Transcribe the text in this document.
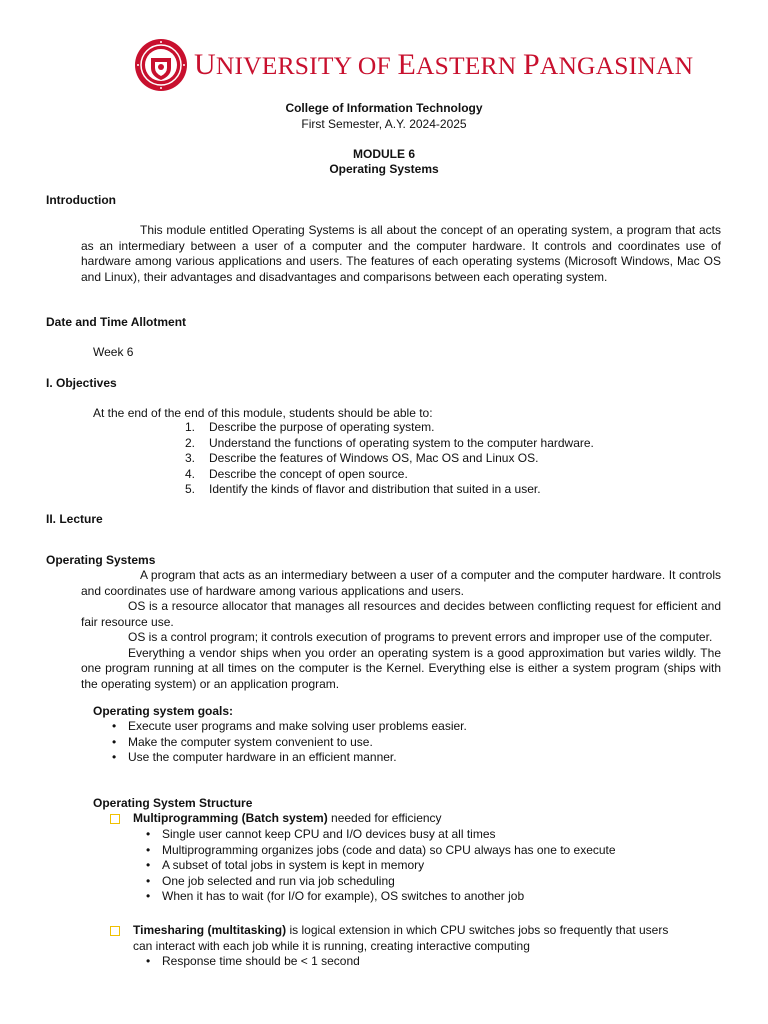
UNIVERSITY OF EASTERN PANGASINAN
College of Information Technology
First Semester, A.Y. 2024-2025
MODULE 6
Operating Systems
Introduction

This module entitled Operating Systems is all about the concept of an operating system, a program that acts as an intermediary between a user of a computer and the computer hardware. It controls and coordinates use of hardware among various applications and users. The features of each operating systems (Microsoft Windows, Mac OS and Linux), their advantages and disadvantages and comparisons between each operating system.

Date and Time Allotment
Week 6
I. Objectives
At the end of the end of this module, students should be able to:
1.	Describe the purpose of operating system.
2.	Understand the functions of operating system to the computer hardware.
3.	Describe the features of Windows OS, Mac OS and Linux OS.
4.	Describe the concept of open source.
5.	Identify the kinds of flavor and distribution that suited in a user.
II. Lecture
Operating Systems

A program that acts as an intermediary between a user of a computer and the computer hardware. It controls and coordinates use of hardware among various applications and users.

OS is a resource allocator that manages all resources and decides between conflicting request for efficient and fair resource use.

OS is a control program; it controls execution of programs to prevent errors and improper use of the computer.

Everything a vendor ships when you order an operating system is a good approximation but varies wildly. The one program running at all times on the computer is the Kernel. Everything else is either a system program (ships with the operating system) or an application program.

Operating system goals:
• Execute user programs and make solving user problems easier.
• Make the computer system convenient to use.
• Use the computer hardware in an efficient manner.
Operating System Structure
Multiprogramming (Batch system) needed for efficiency
• Single user cannot keep CPU and I/O devices busy at all times
• Multiprogramming organizes jobs (code and data) so CPU always has one to execute
• A subset of total jobs in system is kept in memory
• One job selected and run via job scheduling
• When it has to wait (for I/O for example), OS switches to another job
Timesharing (multitasking) is logical extension in which CPU switches jobs so frequently that users can interact with each job while it is running, creating interactive computing
• Response time should be < 1 second
